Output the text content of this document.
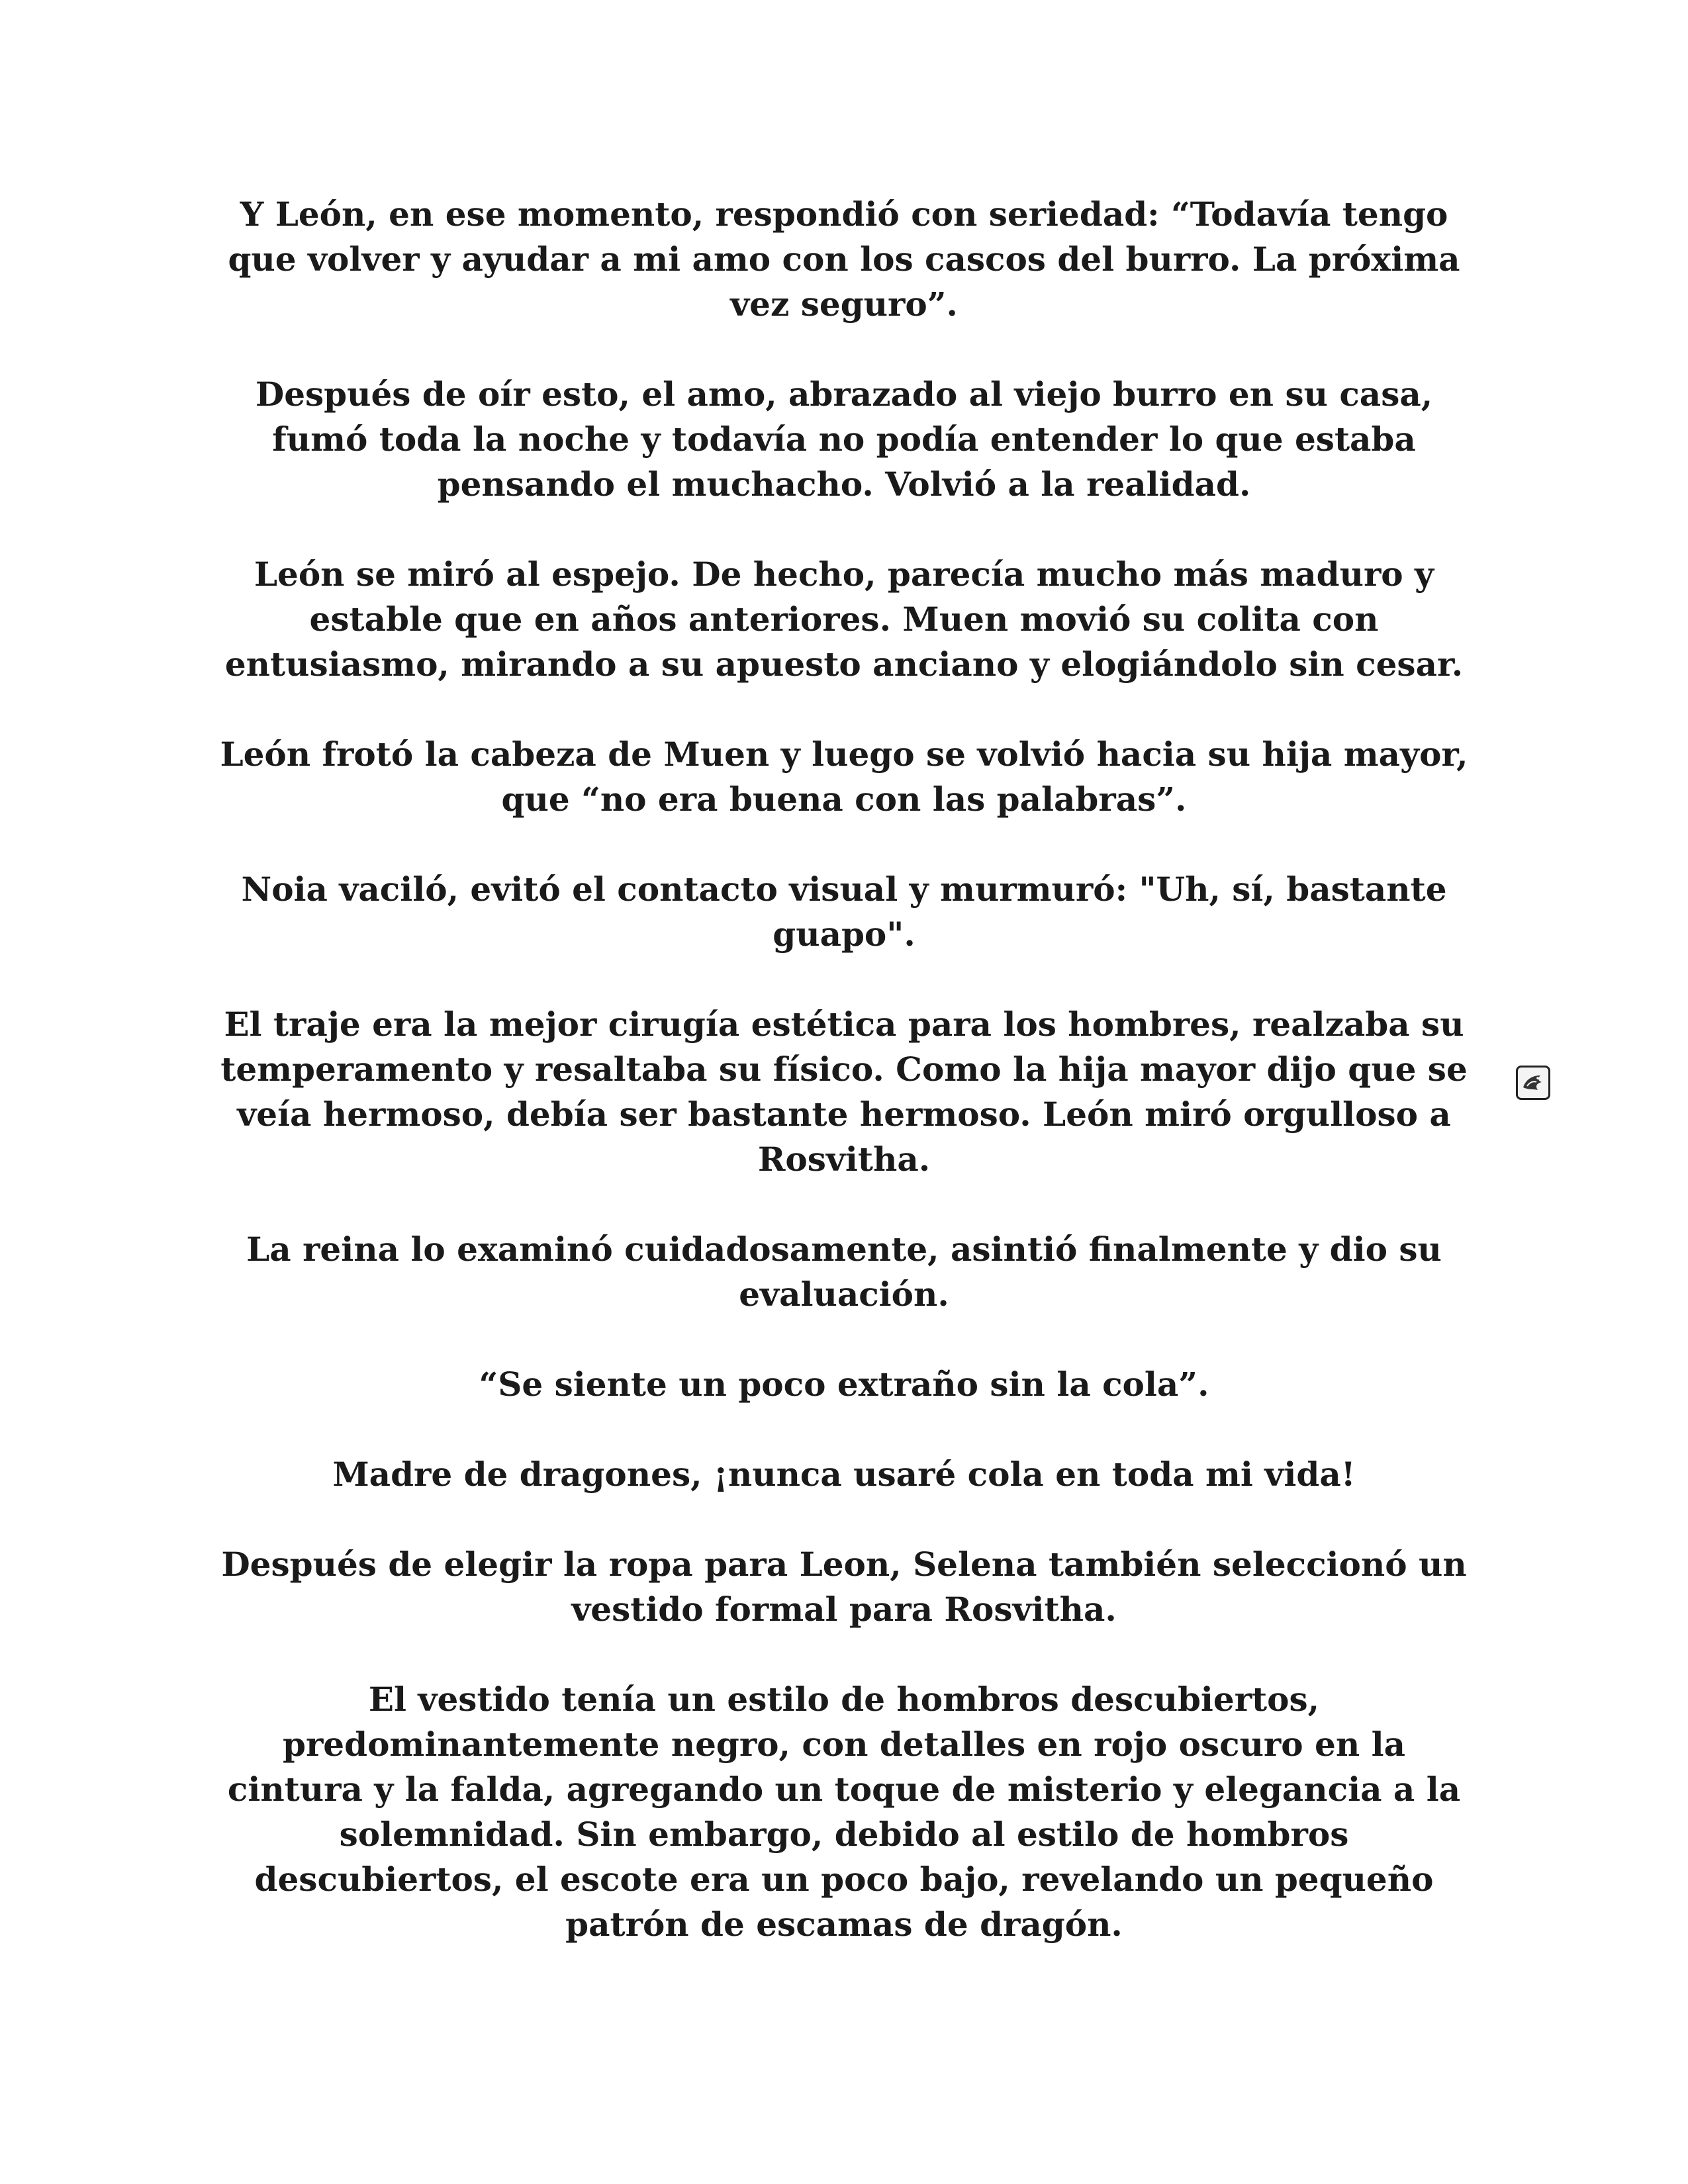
Y León, en ese momento, respondió con seriedad: “Todavía tengo que volver y ayudar a mi amo con los cascos del burro. La próxima vez seguro”.

Después de oír esto, el amo, abrazado al viejo burro en su casa, fumó toda la noche y todavía no podía entender lo que estaba pensando el muchacho. Volvió a la realidad.

León se miró al espejo. De hecho, parecía mucho más maduro y estable que en años anteriores. Muen movió su colita con entusiasmo, mirando a su apuesto anciano y elogiándolo sin cesar.

León frotó la cabeza de Muen y luego se volvió hacia su hija mayor, que “no era buena con las palabras”.

Noia vaciló, evitó el contacto visual y murmuró: "Uh, sí, bastante guapo".

El traje era la mejor cirugía estética para los hombres, realzaba su temperamento y resaltaba su físico. Como la hija mayor dijo que se veía hermoso, debía ser bastante hermoso. León miró orgulloso a Rosvitha.

La reina lo examinó cuidadosamente, asintió finalmente y dio su evaluación.

“Se siente un poco extraño sin la cola”.

Madre de dragones, ¡nunca usaré cola en toda mi vida!

Después de elegir la ropa para Leon, Selena también seleccionó un vestido formal para Rosvitha.

El vestido tenía un estilo de hombros descubiertos, predominantemente negro, con detalles en rojo oscuro en la cintura y la falda, agregando un toque de misterio y elegancia a la solemnidad. Sin embargo, debido al estilo de hombros descubiertos, el escote era un poco bajo, revelando un pequeño patrón de escamas de dragón.
